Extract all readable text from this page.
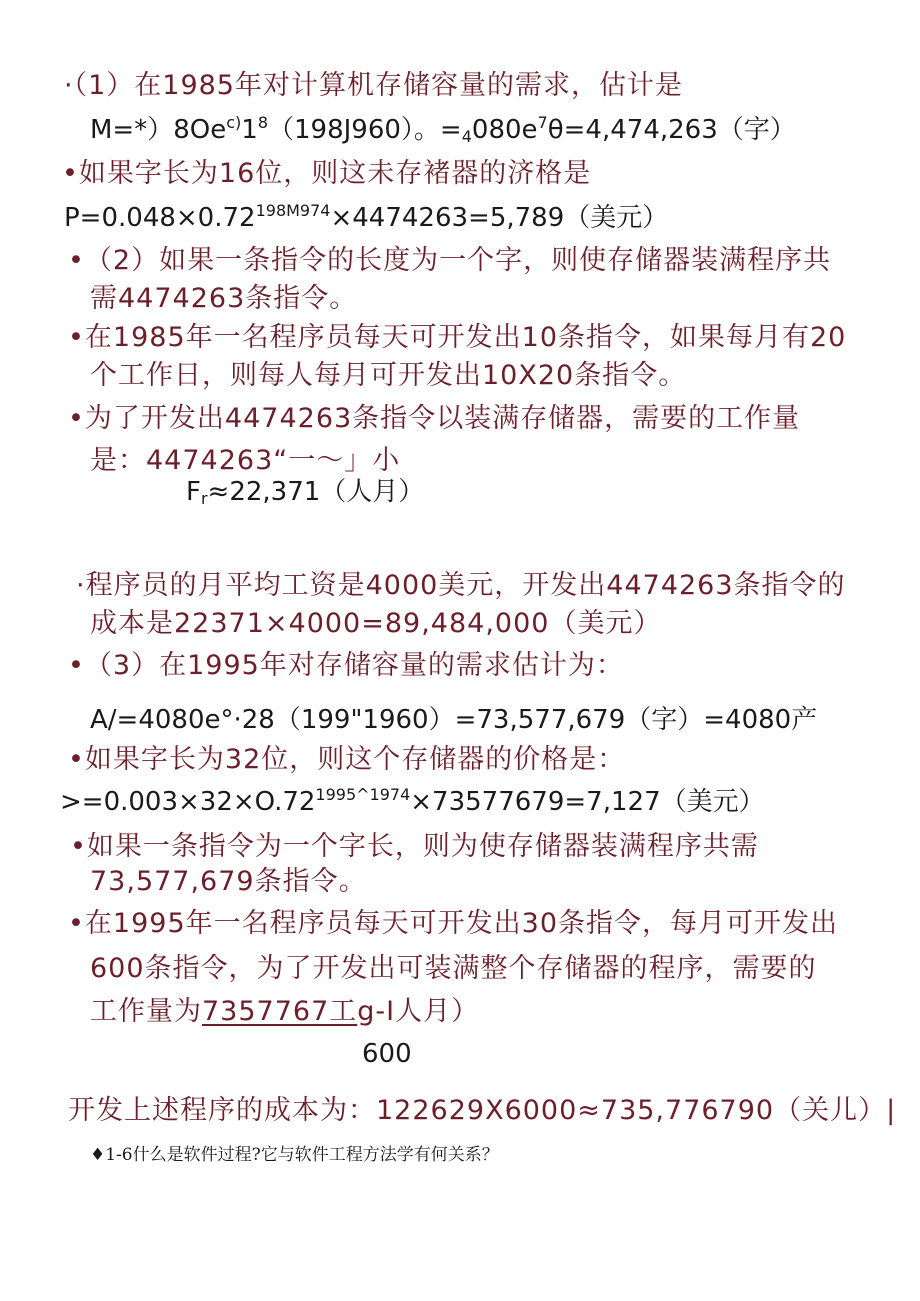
·（1）在1985年对计算机存储容量的需求，估计是
$M=*)8Oe^{c)}1^8(198J960)$。$=4080e^7\theta=4,474,263$（字）
•如果字长为16位，则这未存褚器的济格是
$P=0.048\times 0.72^{198M974}\times 4474263=5,789$（美元）
•（2）如果一条指令的长度为一个字，则使存储器装满程序共
需4474263条指令。
•在1985年一名程序员每天可开发出10条指令，如果每月有20
个工作日，则每人每月可开发出10X20条指令。
•为了开发出4474263条指令以装满存储器，需要的工作量
是：4474263“一～」小
Fr≈22,371（人月）
·程序员的月平均工资是4000美元，开发出4474263条指令的
成本是22371×4000=89,484,000（美元）
•（3）在1995年对存储容量的需求估计为：
A/=4080e°·28（199"1960）=73,577,679（字）=4080产
•如果字长为32位，则这个存储器的价格是：
$>=0.003\times 32\times O.72^{1995\^{}1974}\times 73577679=7,127$（美元）
•如果一条指令为一个字长，则为使存储器装满程序共需
73,577,679条指令。
•在1995年一名程序员每天可开发出30条指令，每月可开发出
600条指令，为了开发出可装满整个存储器的程序，需要的
工作量为7357767工g-I人月）
600
开发上述程序的成本为：122629X6000≈735,776790（关儿）|
♦1-6什么是软件过程?它与软件工程方法学有何关系？
